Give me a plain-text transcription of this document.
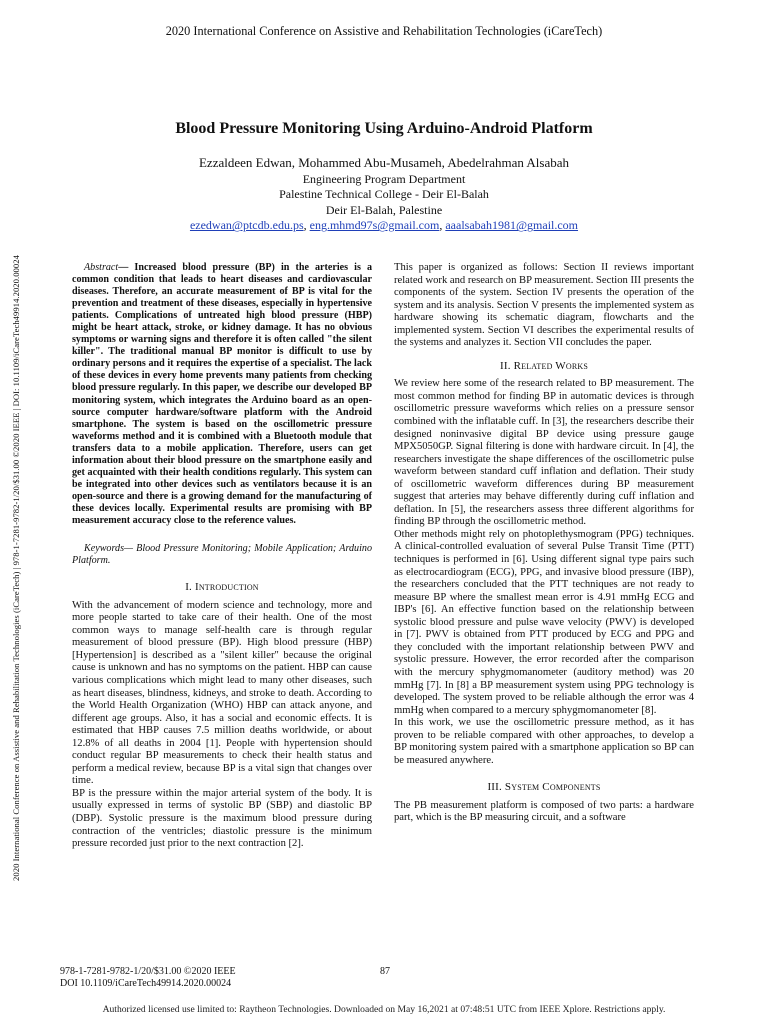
2020 International Conference on Assistive and Rehabilitation Technologies (iCareTech)
2020 International Conference on Assistive and Rehabilitation Technologies (iCareTech) | 978-1-7281-9782-1/20/$31.00 ©2020 IEEE | DOI: 10.1109/iCareTech49914.2020.00024
Blood Pressure Monitoring Using Arduino-Android Platform
Ezzaldeen Edwan, Mohammed Abu-Musameh, Abedelrahman Alsabah
Engineering Program Department
Palestine Technical College - Deir El-Balah
Deir El-Balah, Palestine
ezedwan@ptcdb.edu.ps, eng.mhmd97s@gmail.com, aaalsabah1981@gmail.com

Abstract— Increased blood pressure (BP) in the arteries is a common condition that leads to heart diseases and cardiovascular diseases. Therefore, an accurate measurement of BP is vital for the prevention and treatment of these diseases, especially in hypertensive patients. Complications of untreated high blood pressure (HBP) might be heart attack, stroke, or kidney damage. It has no obvious symptoms or warning signs and therefore it is often called "the silent killer". The traditional manual BP monitor is difficult to use by ordinary persons and it requires the expertise of a specialist. The lack of these devices in every home prevents many patients from checking blood pressure regularly. In this paper, we describe our developed BP monitoring system, which integrates the Arduino board as an open-source computer hardware/software platform with the Android smartphone. The system is based on the oscillometric pressure waveforms method and it is combined with a Bluetooth module that transfers data to a mobile application. Therefore, users can get information about their blood pressure on the smartphone easily and get acquainted with their health conditions regularly. This system can be integrated into other devices such as ventilators because it is an open-source and there is a growing demand for the manufacturing of these devices locally. Experimental results are promising with BP measurement accuracy close to the reference values.

Keywords— Blood Pressure Monitoring; Mobile Application; Arduino Platform.

I. Introduction

With the advancement of modern science and technology, more and more people started to take care of their health. One of the most common ways to manage self-health care is through regular measurement of blood pressure (BP). High blood pressure (HBP) [Hypertension] is described as a "silent killer" because the original cause is unknown and has no symptoms on the patient. HBP can cause various complications which might lead to many other diseases, such as heart diseases, blindness, kidneys, and stroke to death. According to the World Health Organization (WHO) HBP can attack anyone, and different age groups. Also, it has a social and economic effects. It is estimated that HBP causes 7.5 million deaths worldwide, or about 12.8% of all deaths in 2004 [1]. People with hypertension should conduct regular BP measurements to check their health status and perform a medical review, because BP is a vital sign that changes over time.

BP is the pressure within the major arterial system of the body. It is usually expressed in terms of systolic BP (SBP) and diastolic BP (DBP). Systolic pressure is the maximum blood pressure during contraction of the ventricles; diastolic pressure is the minimum pressure recorded just prior to the next contraction [2].

This paper is organized as follows: Section II reviews important related work and research on BP measurement. Section III presents the components of the system. Section IV presents the operation of the system and its analysis. Section V presents the implemented system as hardware showing its schematic diagram, flowcharts and the implemented system. Section VI describes the experimental results of the systems and analyzes it. Section VII concludes the paper.

II. Related Works

We review here some of the research related to BP measurement. The most common method for finding BP in automatic devices is through oscillometric pressure waveforms which relies on a pressure sensor combined with the inflatable cuff. In [3], the researchers describe their designed noninvasive digital BP device using pressure gauge MPX5050GP. Signal filtering is done with hardware circuit. In [4], the researchers investigate the shape differences of the oscillometric pulse waveform between standard cuff inflation and deflation. Their study of oscillometric waveform differences during BP measurement suggest that arteries may behave differently during cuff inflation and deflation. In [5], the researchers assess three different algorithms for finding BP through the oscillometric method.

Other methods might rely on photoplethysmogram (PPG) techniques. A clinical-controlled evaluation of several Pulse Transit Time (PTT) techniques is performed in [6]. Using different signal type pairs such as electrocardiogram (ECG), PPG, and invasive blood pressure (IBP), the researchers concluded that the PTT techniques are not ready to measure BP where the smallest mean error is 4.91 mmHg ECG and IBP's [6]. An effective function based on the relationship between systolic blood pressure and pulse wave velocity (PWV) is developed in [7]. PWV is obtained from PTT produced by ECG and PPG and they concluded with the important relationship between PWV and systolic pressure. However, the error recorded after the comparison with the mercury sphygmomanometer (auditory method) was 20 mmHg [7]. In [8] a BP measurement system using PPG technology is developed. The system proved to be reliable although the error was 4 mmHg when compared to a mercury sphygmomanometer [8].

In this work, we use the oscillometric pressure method, as it has proven to be reliable compared with other approaches, to develop a BP monitoring system paired with a smartphone application so BP can be measured anywhere.

III. System Components

The PB measurement platform is composed of two parts: a hardware part, which is the BP measuring circuit, and a software

978-1-7281-9782-1/20/$31.00 ©2020 IEEE
DOI 10.1109/iCareTech49914.2020.00024
87
Authorized licensed use limited to: Raytheon Technologies. Downloaded on May 16,2021 at 07:48:51 UTC from IEEE Xplore. Restrictions apply.
